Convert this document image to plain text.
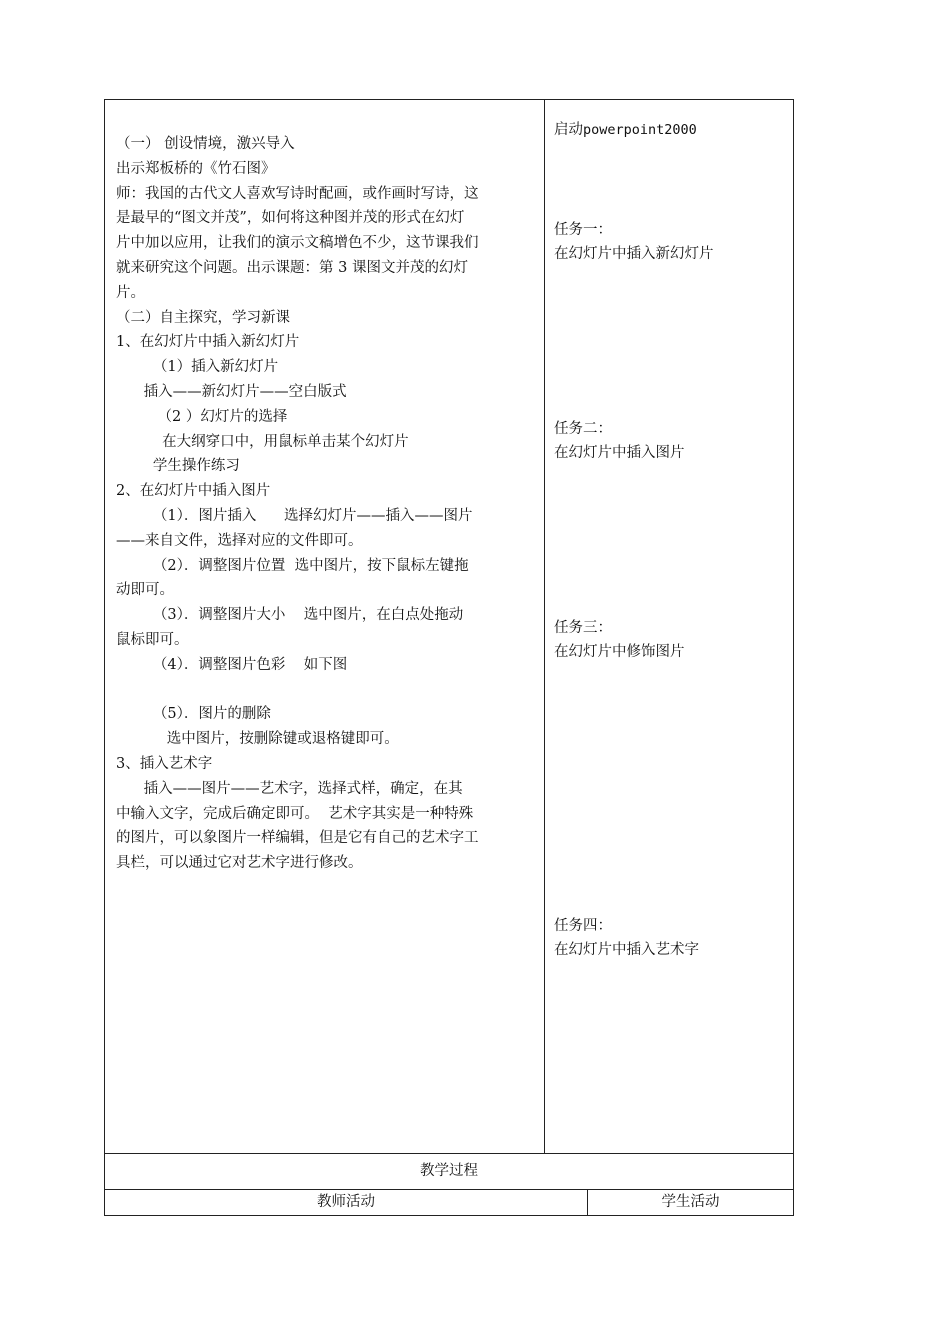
（一） 创设情境，激兴导入
出示郑板桥的《竹石图》
师：我国的古代文人喜欢写诗时配画，或作画时写诗，这
是最早的“图文并茂”，如何将这种图并茂的形式在幻灯
片中加以应用，让我们的演示文稿增色不少，这节课我们
就来研究这个问题。出示课题：第 3 课图文并茂的幻灯
片。
（二）自主探究，学习新课
1、在幻灯片中插入新幻灯片
（1）插入新幻灯片
插入——新幻灯片——空白版式
（2 ）幻灯片的选择
在大纲穿口中，用鼠标单击某个幻灯片
学生操作练习
2、在幻灯片中插入图片
（1）．图片插入      选择幻灯片——插入——图片
——来自文件，选择对应的文件即可。
（2）．调整图片位置  选中图片，按下鼠标左键拖
动即可。
（3）．调整图片大小    选中图片，在白点处拖动
鼠标即可。
（4）．调整图片色彩    如下图

（5）．图片的删除
选中图片，按删除键或退格键即可。
3、插入艺术字
插入——图片——艺术字，选择式样，确定，在其
中输入文字，完成后确定即可。  艺术字其实是一种特殊
的图片，可以象图片一样编辑，但是它有自己的艺术字工
具栏，可以通过它对艺术字进行修改。
启动powerpoint2000
任务一：
在幻灯片中插入新幻灯片
任务二：
在幻灯片中插入图片
任务三：
在幻灯片中修饰图片
任务四：
在幻灯片中插入艺术字
教学过程
教师活动	学生活动
